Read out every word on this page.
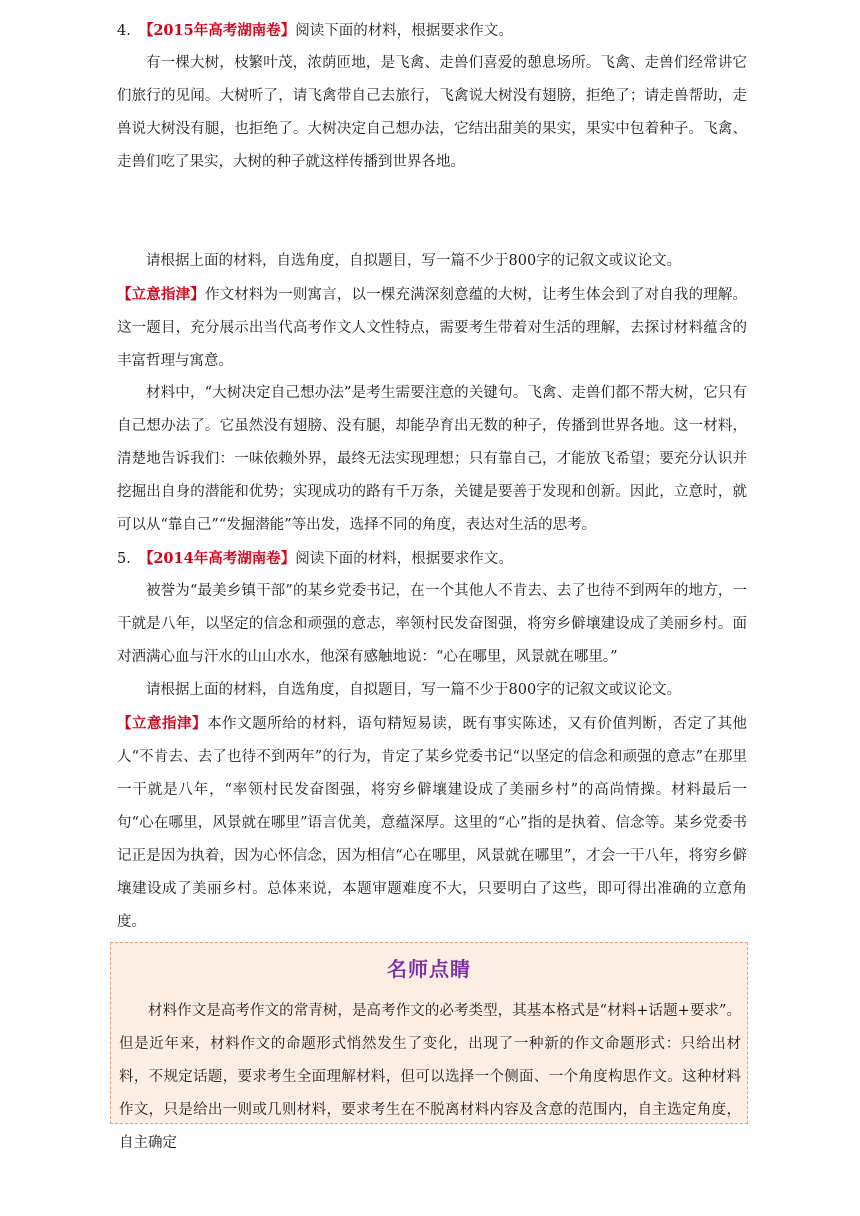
4. 【2015年高考湖南卷】阅读下面的材料，根据要求作文。

有一棵大树，枝繁叶茂，浓荫匝地，是飞禽、走兽们喜爱的憩息场所。飞禽、走兽们经常讲它们旅行的见闻。大树听了，请飞禽带自己去旅行，飞禽说大树没有翅膀，拒绝了；请走兽帮助，走兽说大树没有腿，也拒绝了。大树决定自己想办法，它结出甜美的果实，果实中包着种子。飞禽、走兽们吃了果实，大树的种子就这样传播到世界各地。

请根据上面的材料，自选角度，自拟题目，写一篇不少于800字的记叙文或议论文。

【立意指津】作文材料为一则寓言，以一棵充满深刻意蕴的大树，让考生体会到了对自我的理解。这一题目，充分展示出当代高考作文人文性特点，需要考生带着对生活的理解，去探讨材料蕴含的丰富哲理与寓意。

材料中，“大树决定自己想办法”是考生需要注意的关键句。飞禽、走兽们都不帮大树，它只有自己想办法了。它虽然没有翅膀、没有腿，却能孕育出无数的种子，传播到世界各地。这一材料，清楚地告诉我们：一味依赖外界，最终无法实现理想；只有靠自己，才能放飞希望；要充分认识并挖掘出自身的潜能和优势；实现成功的路有千万条，关键是要善于发现和创新。因此，立意时，就可以从“靠自己”“发掘潜能”等出发，选择不同的角度，表达对生活的思考。

5. 【2014年高考湖南卷】阅读下面的材料，根据要求作文。

被誉为“最美乡镇干部”的某乡党委书记，在一个其他人不肯去、去了也待不到两年的地方，一干就是八年，以坚定的信念和顽强的意志，率领村民发奋图强，将穷乡僻壤建设成了美丽乡村。面对洒满心血与汗水的山山水水，他深有感触地说：“心在哪里，风景就在哪里。”

请根据上面的材料，自选角度，自拟题目，写一篇不少于800字的记叙文或议论文。

【立意指津】本作文题所给的材料，语句精短易读，既有事实陈述，又有价值判断，否定了其他人“不肯去、去了也待不到两年”的行为，肯定了某乡党委书记“以坚定的信念和顽强的意志”在那里一干就是八年，“率领村民发奋图强，将穷乡僻壤建设成了美丽乡村”的高尚情操。材料最后一句“心在哪里，风景就在哪里”语言优美，意蕴深厚。这里的“心”指的是执着、信念等。某乡党委书记正是因为执着，因为心怀信念，因为相信“心在哪里，风景就在哪里”，才会一干八年，将穷乡僻壤建设成了美丽乡村。总体来说，本题审题难度不大，只要明白了这些，即可得出准确的立意角度。

名师点睛

材料作文是高考作文的常青树，是高考作文的必考类型，其基本格式是“材料+话题+要求”。但是近年来，材料作文的命题形式悄然发生了变化，出现了一种新的作文命题形式：只给出材料，不规定话题，要求考生全面理解材料，但可以选择一个侧面、一个角度构思作文。这种材料作文，只是给出一则或几则材料，要求考生在不脱离材料内容及含意的范围内，自主选定角度，自主确定
